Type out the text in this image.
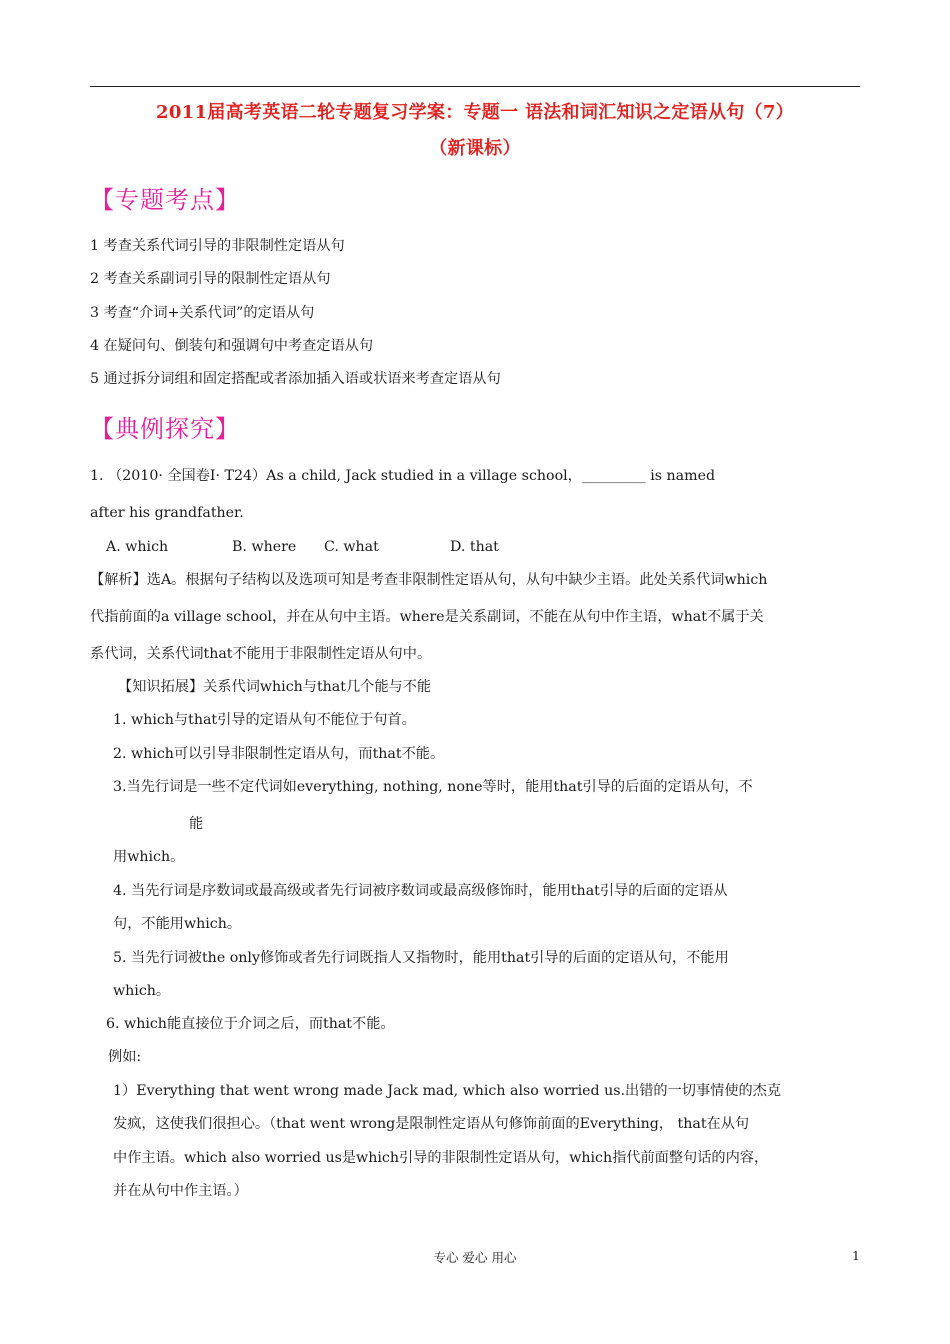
2011届高考英语二轮专题复习学案：专题一 语法和词汇知识之定语从句（7）
（新课标）
【专题考点】
1 考查关系代词引导的非限制性定语从句
2 考查关系副词引导的限制性定语从句
3 考查“介词+关系代词”的定语从句
4 在疑问句、倒装句和强调句中考查定语从句
5 通过拆分词组和固定搭配或者添加插入语或状语来考查定语从句
【典例探究】
1. （2010· 全国卷Ⅰ· T24）As a child, Jack studied in a village school，_________ is named
after his grandfather.
A. which	B. where C. what	D. that
【解析】选A。根据句子结构以及选项可知是考查非限制性定语从句，从句中缺少主语。此处关系代词which
代指前面的a village school，并在从句中主语。where是关系副词，不能在从句中作主语，what不属于关
系代词，关系代词that不能用于非限制性定语从句中。
【知识拓展】关系代词which与that几个能与不能
1. which与that引导的定语从句不能位于句首。
2. which可以引导非限制性定语从句，而that不能。
3.当先行词是一些不定代词如everything, nothing, none等时，能用that引导的后面的定语从句，不
能
用which。
4. 当先行词是序数词或最高级或者先行词被序数词或最高级修饰时，能用that引导的后面的定语从
句，不能用which。
5. 当先行词被the only修饰或者先行词既指人又指物时，能用that引导的后面的定语从句，不能用
which。
6. which能直接位于介词之后，而that不能。
例如:
1）Everything that went wrong made Jack mad, which also worried us.出错的一切事情使的杰克
发疯，这使我们很担心。（that went wrong是限制性定语从句修饰前面的Everything， that在从句
中作主语。which also worried us是which引导的非限制性定语从句，which指代前面整句话的内容，
并在从句中作主语。）
专心 爱心 用心	1
